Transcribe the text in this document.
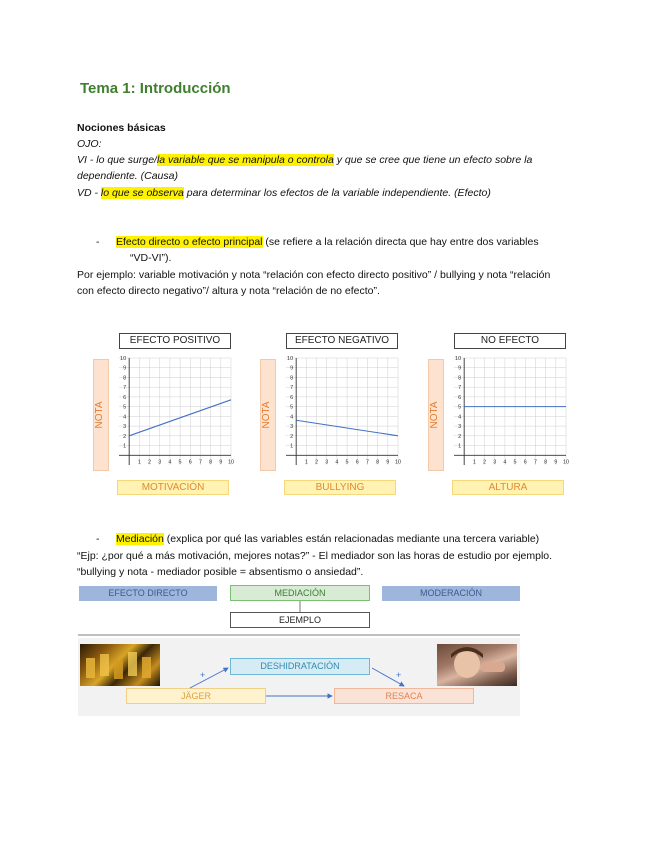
Tema 1: Introducción
Nociones básicas
OJO:
VI - lo que surge/la variable que se manipula o controla y que se cree que tiene un efecto sobre la
dependiente. (Causa)
VD - lo que se observa para determinar los efectos de la variable independiente. (Efecto)
- Efecto directo o efecto principal (se refiere a la relación directa que hay entre dos variables
“VD-VI”).
Por ejemplo: variable motivación y nota “relación con efecto directo positivo” / bullying y nota “relación
con efecto directo negativo”/ altura y nota “relación de no efecto”.
EFECTO POSITIVO
NOTA
MOTIVACIÓN
1
1
2
2
3
3
4
4
5
5
6
6
7
7
8
8
9
9
10
10
EFECTO NEGATIVO
NOTA
BULLYING
1
1
2
2
3
3
4
4
5
5
6
6
7
7
8
8
9
9
10
10
NO EFECTO
NOTA
ALTURA
1
1
2
2
3
3
4
4
5
5
6
6
7
7
8
8
9
9
10
10
- Mediación (explica por qué las variables están relacionadas mediante una tercera variable)
“Ejp: ¿por qué a más motivación, mejores notas?” - El mediador son las horas de estudio por ejemplo.
“bullying y nota - mediador posible = absentismo o ansiedad”.
EFECTO DIRECTO	MEDIACIÓN	MODERACIÓN
EJEMPLO
DESHIDRATACIÓN
JÄGER	RESACA
+	+
